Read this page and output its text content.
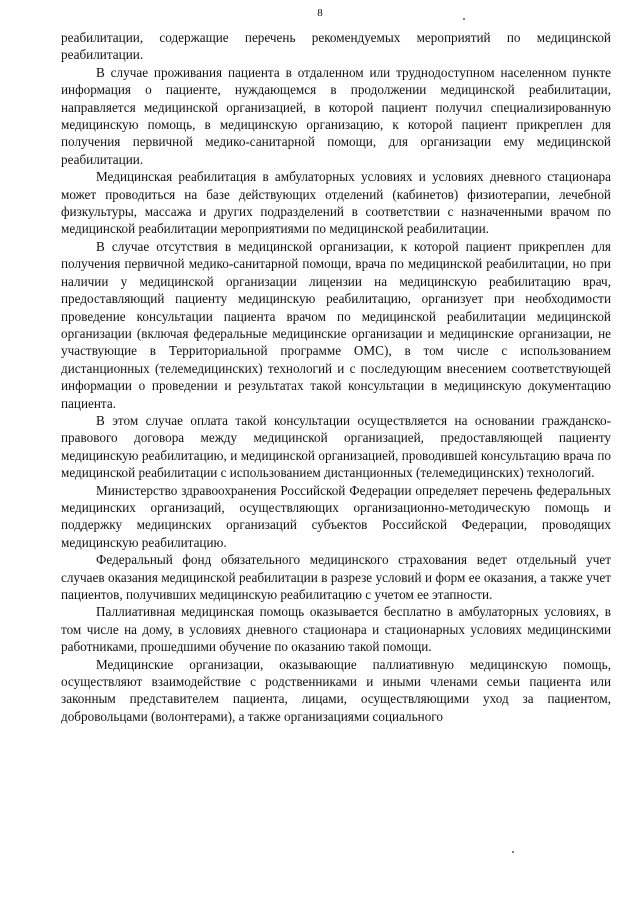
8

реабилитации, содержащие перечень рекомендуемых мероприятий по медицинской реабилитации.

В случае проживания пациента в отдаленном или труднодоступном населенном пункте информация о пациенте, нуждающемся в продолжении медицинской реабилитации, направляется медицинской организацией, в которой пациент получил специализированную медицинскую помощь, в медицинскую организацию, к которой пациент прикреплен для получения первичной медико-санитарной помощи, для организации ему медицинской реабилитации.

Медицинская реабилитация в амбулаторных условиях и условиях дневного стационара может проводиться на базе действующих отделений (кабинетов) физиотерапии, лечебной физкультуры, массажа и других подразделений в соответствии с назначенными врачом по медицинской реабилитации мероприятиями по медицинской реабилитации.

В случае отсутствия в медицинской организации, к которой пациент прикреплен для получения первичной медико-санитарной помощи, врача по медицинской реабилитации, но при наличии у медицинской организации лицензии на медицинскую реабилитацию врач, предоставляющий пациенту медицинскую реабилитацию, организует при необходимости проведение консультации пациента врачом по медицинской реабилитации медицинской организации (включая федеральные медицинские организации и медицинские организации, не участвующие в Территориальной программе ОМС), в том числе с использованием дистанционных (телемедицинских) технологий и с последующим внесением соответствующей информации о проведении и результатах такой консультации в медицинскую документацию пациента.

В этом случае оплата такой консультации осуществляется на основании гражданско-правового договора между медицинской организацией, предоставляющей пациенту медицинскую реабилитацию, и медицинской организацией, проводившей консультацию врача по медицинской реабилитации с использованием дистанционных (телемедицинских) технологий.

Министерство здравоохранения Российской Федерации определяет перечень федеральных медицинских организаций, осуществляющих организационно-методическую помощь и поддержку медицинских организаций субъектов Российской Федерации, проводящих медицинскую реабилитацию.

Федеральный фонд обязательного медицинского страхования ведет отдельный учет случаев оказания медицинской реабилитации в разрезе условий и форм ее оказания, а также учет пациентов, получивших медицинскую реабилитацию с учетом ее этапности.

Паллиативная медицинская помощь оказывается бесплатно в амбулаторных условиях, в том числе на дому, в условиях дневного стационара и стационарных условиях медицинскими работниками, прошедшими обучение по оказанию такой помощи.

Медицинские организации, оказывающие паллиативную медицинскую помощь, осуществляют взаимодействие с родственниками и иными членами семьи пациента или законным представителем пациента, лицами, осуществляющими уход за пациентом, добровольцами (волонтерами), а также организациями социального
